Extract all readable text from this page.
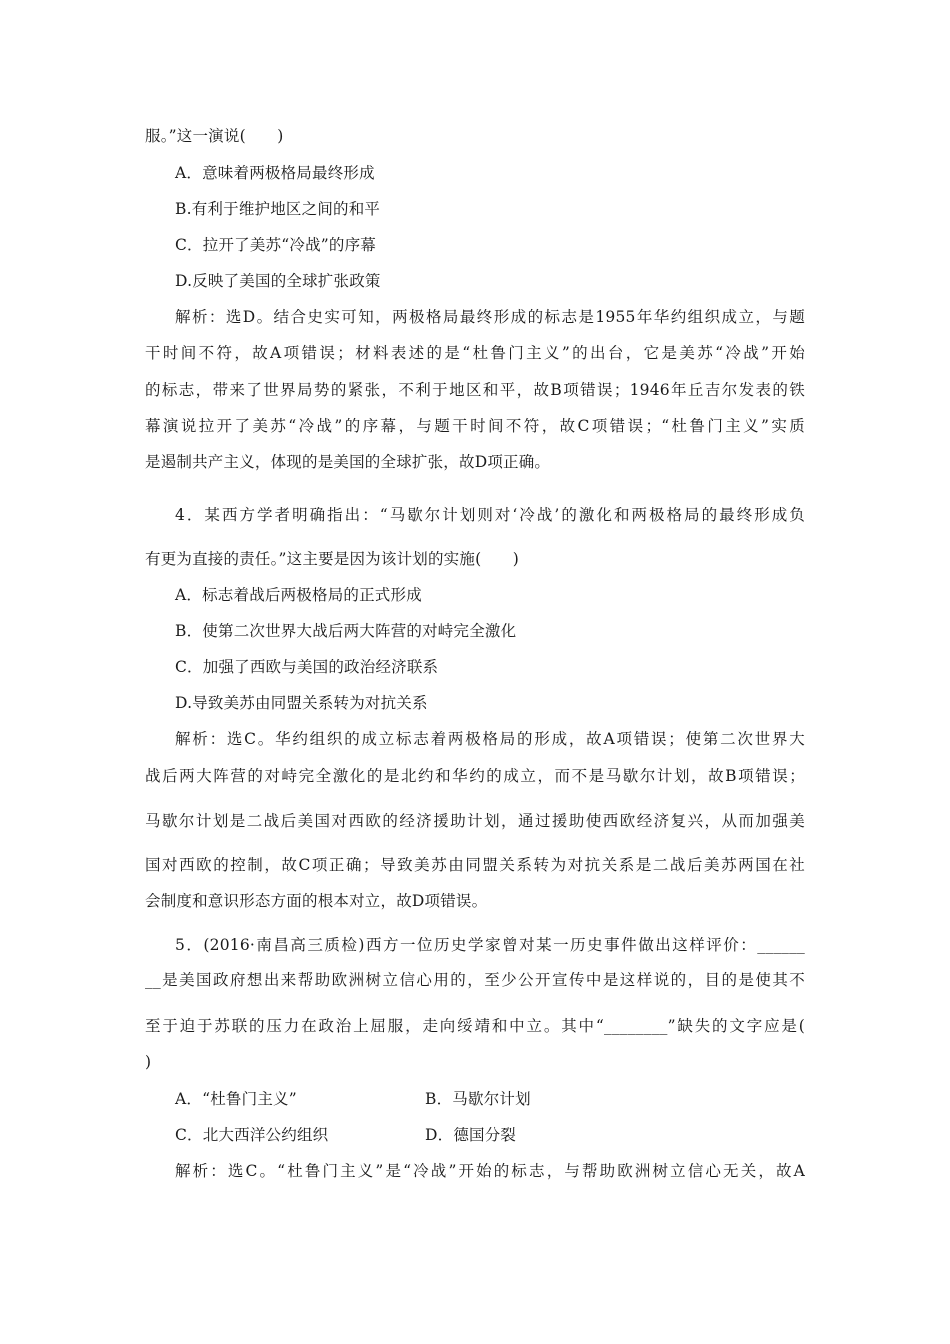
服。”这一演说(　　)
A．意味着两极格局最终形成
B.有利于维护地区之间的和平
C．拉开了美苏“冷战”的序幕
D.反映了美国的全球扩张政策
解析：选D。结合史实可知，两极格局最终形成的标志是1955年华约组织成立，与题
干时间不符，故A项错误；材料表述的是“杜鲁门主义”的出台，它是美苏“冷战”开始
的标志，带来了世界局势的紧张，不利于地区和平，故B项错误；1946年丘吉尔发表的铁
幕演说拉开了美苏“冷战”的序幕，与题干时间不符，故C项错误；“杜鲁门主义”实质
是遏制共产主义，体现的是美国的全球扩张，故D项正确。
4．某西方学者明确指出：“马歇尔计划则对‘冷战’的激化和两极格局的最终形成负
有更为直接的责任。”这主要是因为该计划的实施(　　)
A．标志着战后两极格局的正式形成
B．使第二次世界大战后两大阵营的对峙完全激化
C．加强了西欧与美国的政治经济联系
D.导致美苏由同盟关系转为对抗关系
解析：选C。华约组织的成立标志着两极格局的形成，故A项错误；使第二次世界大
战后两大阵营的对峙完全激化的是北约和华约的成立，而不是马歇尔计划，故B项错误；
马歇尔计划是二战后美国对西欧的经济援助计划，通过援助使西欧经济复兴，从而加强美
国对西欧的控制，故C项正确；导致美苏由同盟关系转为对抗关系是二战后美苏两国在社
会制度和意识形态方面的根本对立，故D项错误。
5．(2016·南昌高三质检)西方一位历史学家曾对某一历史事件做出这样评价：______
__是美国政府想出来帮助欧洲树立信心用的，至少公开宣传中是这样说的，目的是使其不
至于迫于苏联的压力在政治上屈服，走向绥靖和中立。其中“________”缺失的文字应是(
)
A．“杜鲁门主义”	B．马歇尔计划
C．北大西洋公约组织	D．德国分裂
解析：选C。“杜鲁门主义”是“冷战”开始的标志，与帮助欧洲树立信心无关，故A
